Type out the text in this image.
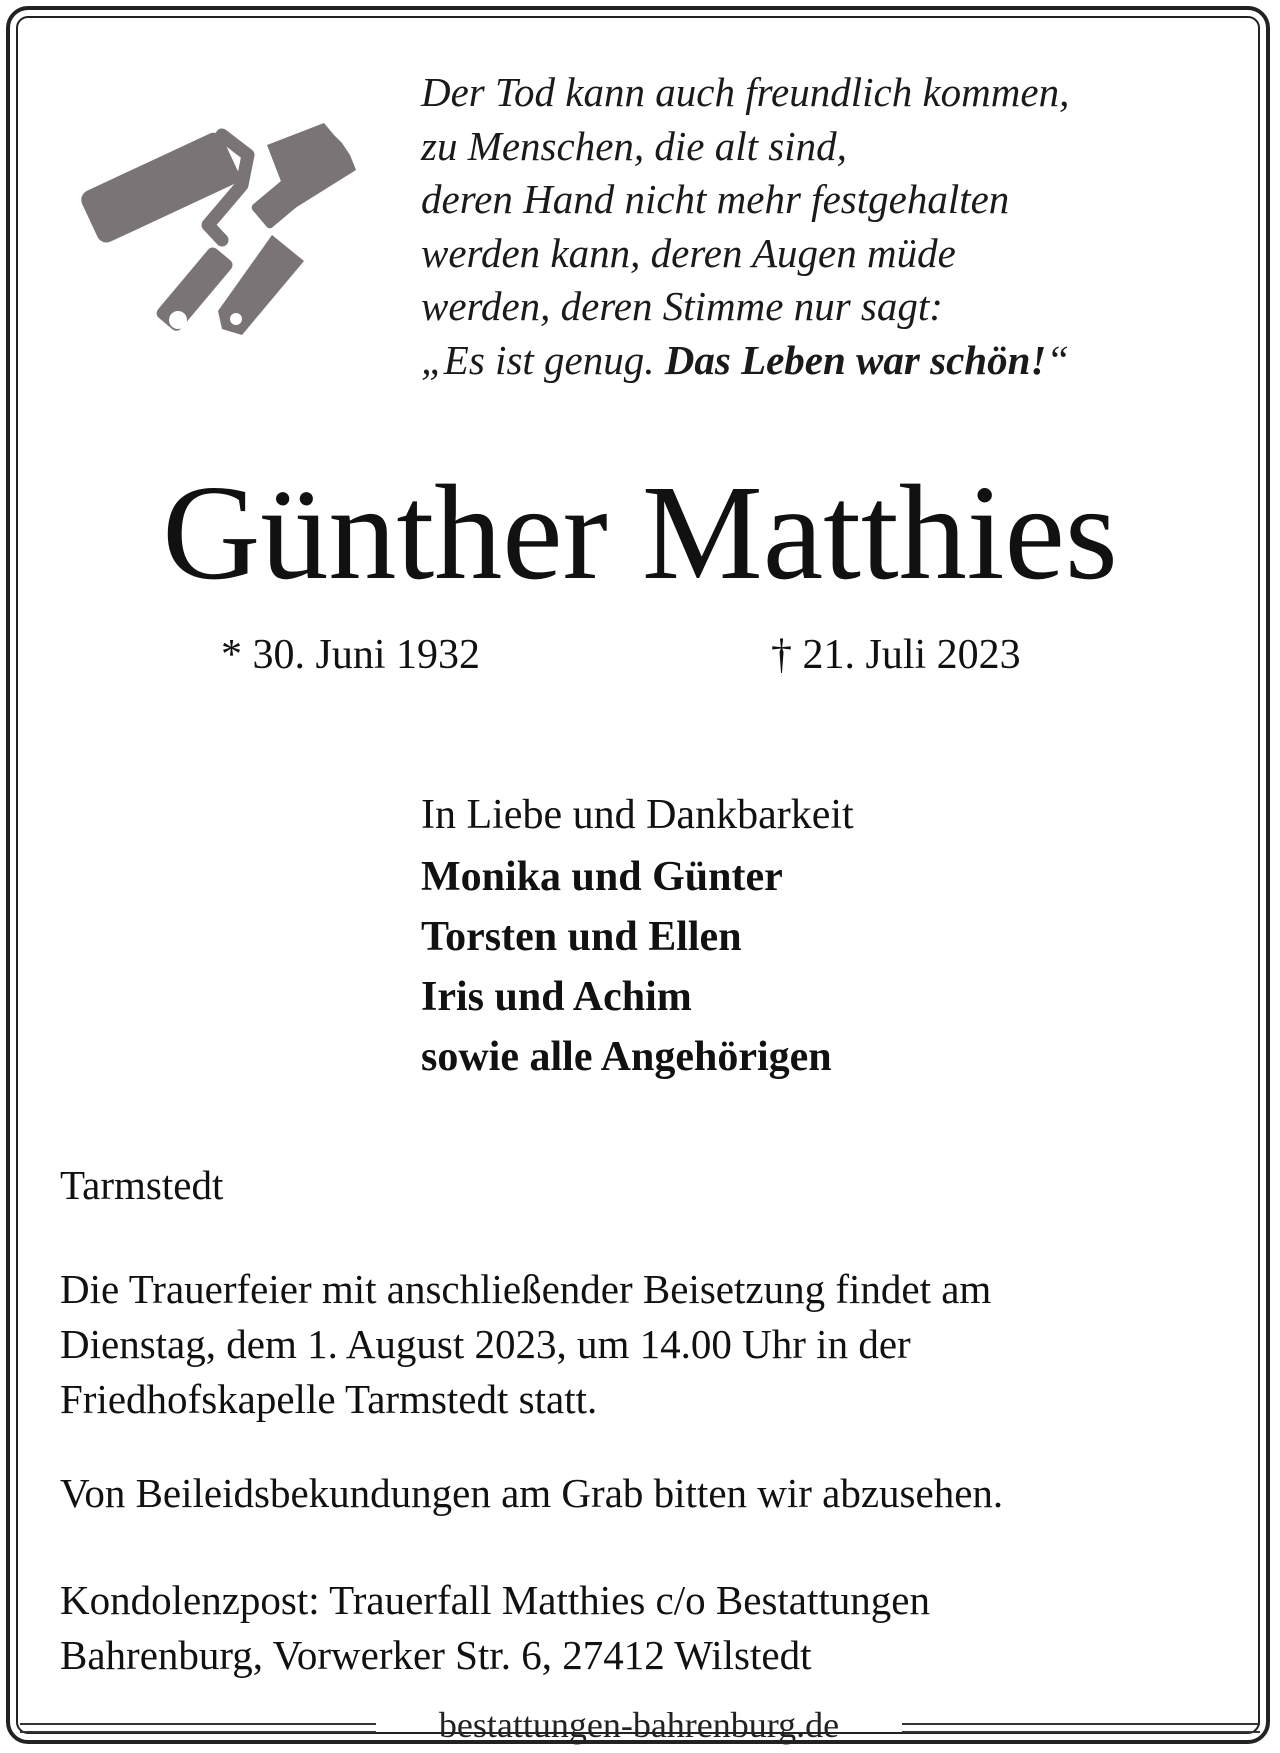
Der Tod kann auch freundlich kommen,
zu Menschen, die alt sind,
deren Hand nicht mehr festgehalten
werden kann, deren Augen müde
werden, deren Stimme nur sagt:
„Es ist genug. Das Leben war schön!“
Günther Matthies
* 30. Juni 1932	† 21. Juli 2023
In Liebe und Dankbarkeit
Monika und Günter
Torsten und Ellen
Iris und Achim
sowie alle Angehörigen
Tarmstedt
Die Trauerfeier mit anschließender Beisetzung findet am
Dienstag, dem 1. August 2023, um 14.00 Uhr in der
Friedhofskapelle Tarmstedt statt.
Von Beileidsbekundungen am Grab bitten wir abzusehen.
Kondolenzpost: Trauerfall Matthies c/o Bestattungen
Bahrenburg, Vorwerker Str. 6, 27412 Wilstedt
bestattungen-bahrenburg.de
